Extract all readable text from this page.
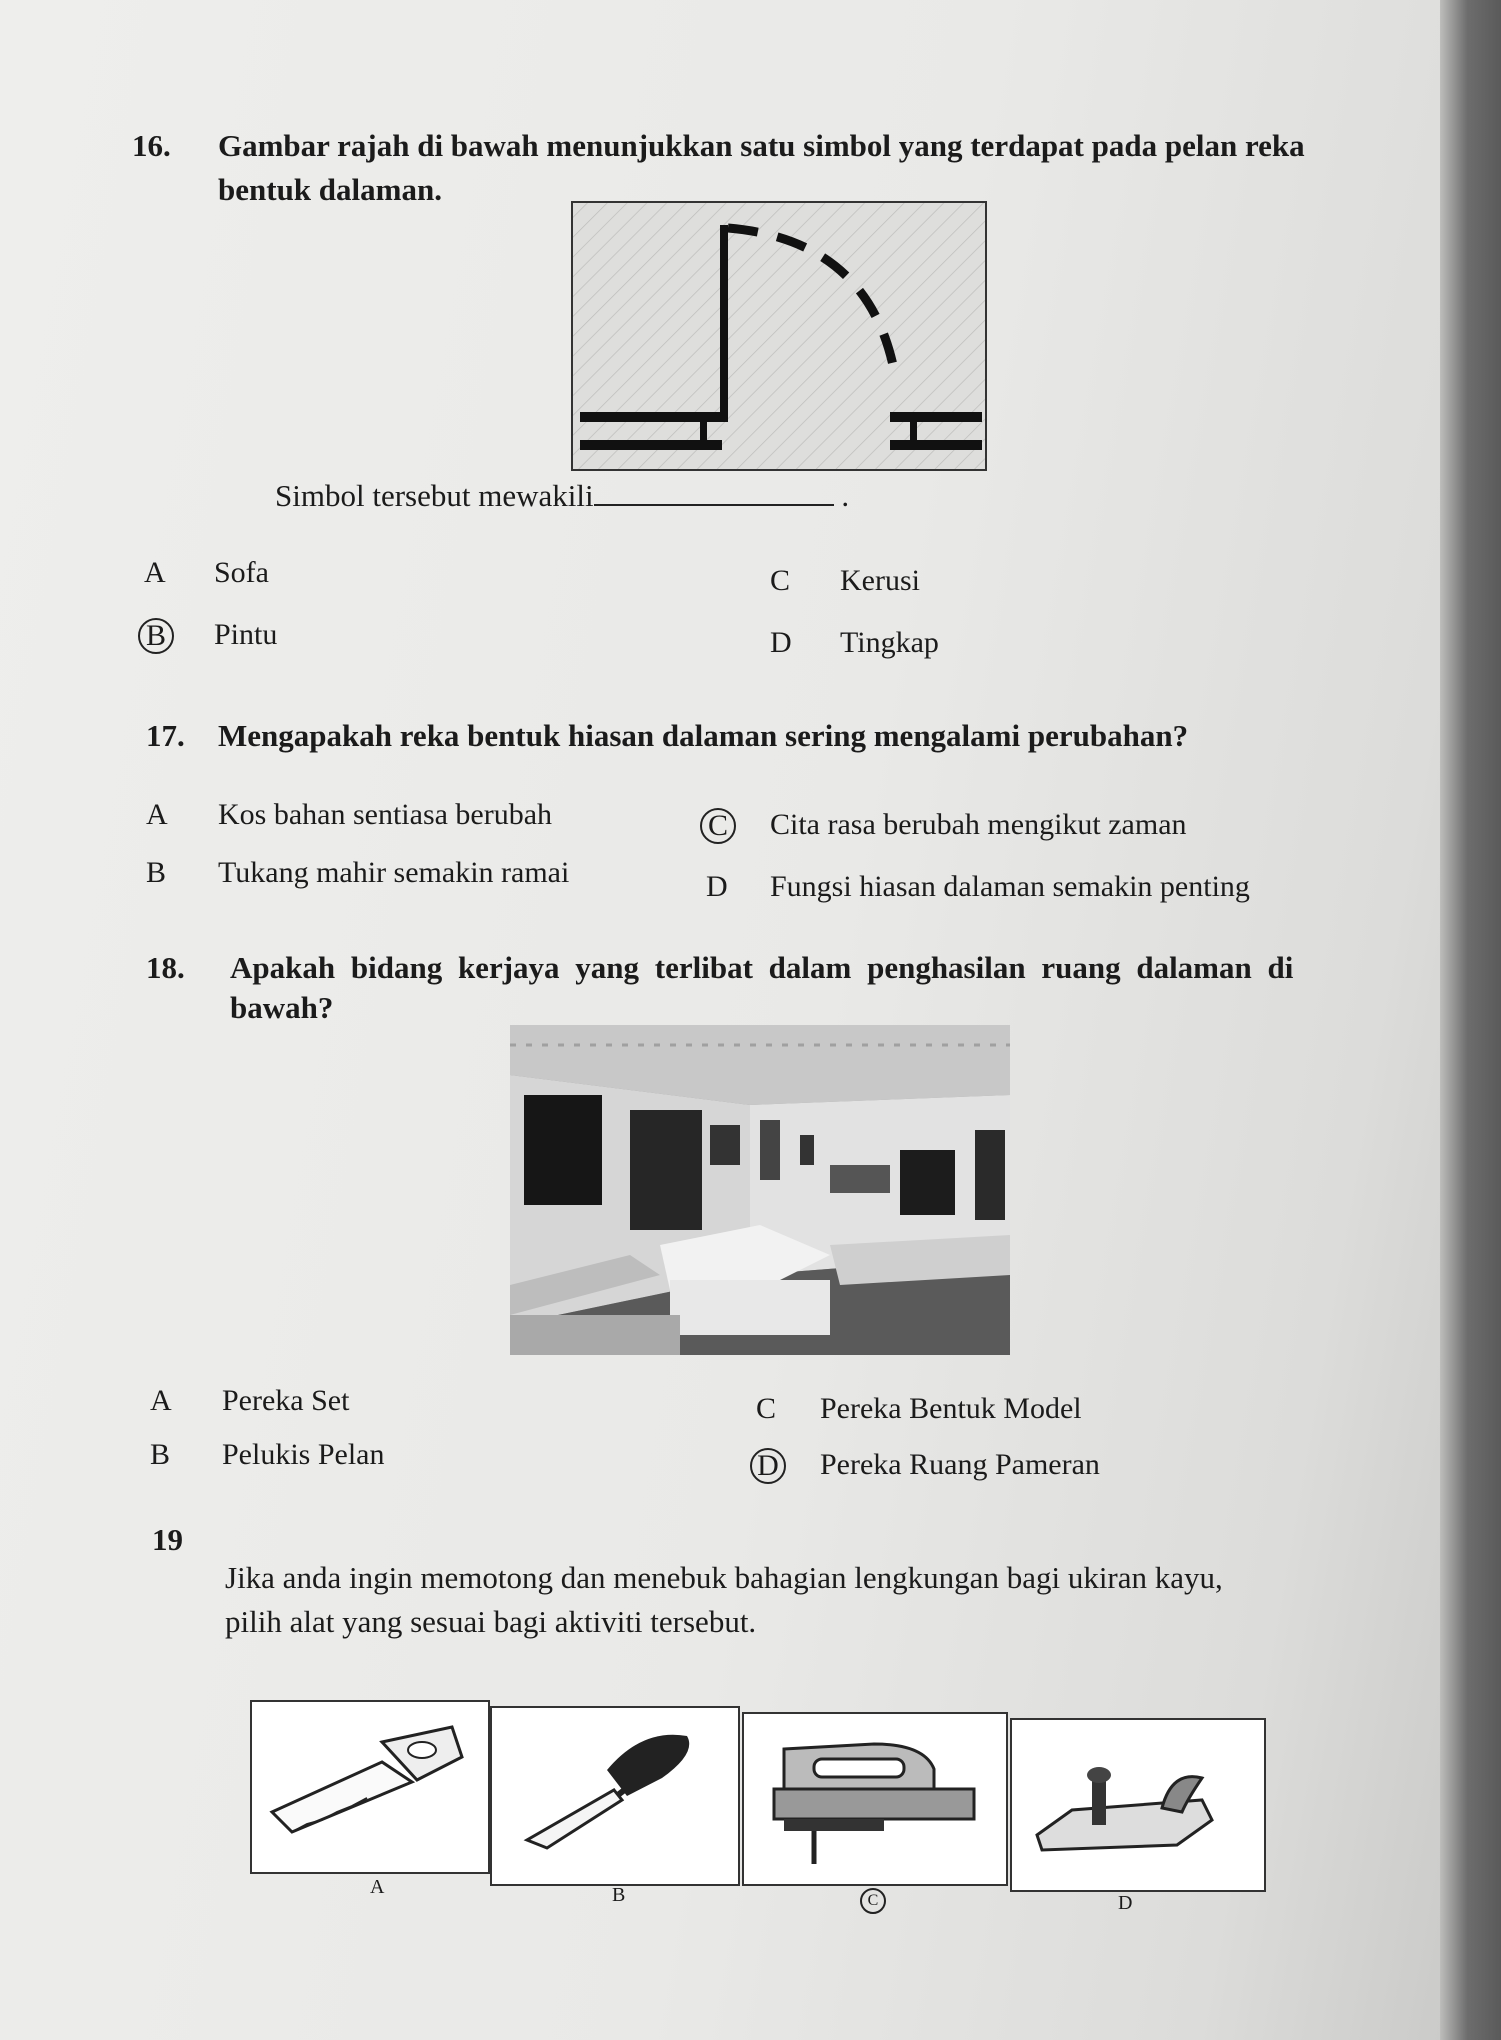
16. Gambar rajah di bawah menunjukkan satu simbol yang terdapat pada pelan reka
bentuk dalaman.
Simbol tersebut mewakili	.
A Sofa
B Pintu
C Kerusi
D Tingkap
17. Mengapakah reka bentuk hiasan dalaman sering mengalami perubahan?
A Kos bahan sentiasa berubah
B Tukang mahir semakin ramai
C Cita rasa berubah mengikut zaman
D Fungsi hiasan dalaman semakin penting
18. Apakah bidang kerjaya yang terlibat dalam penghasilan ruang dalaman di
bawah?
A Pereka Set
B Pelukis Pelan
C Pereka Bentuk Model
D Pereka Ruang Pameran
19
Jika anda ingin memotong dan menebuk bahagian lengkungan bagi ukiran kayu,
pilih alat yang sesuai bagi aktiviti tersebut.
A	B	C	D
